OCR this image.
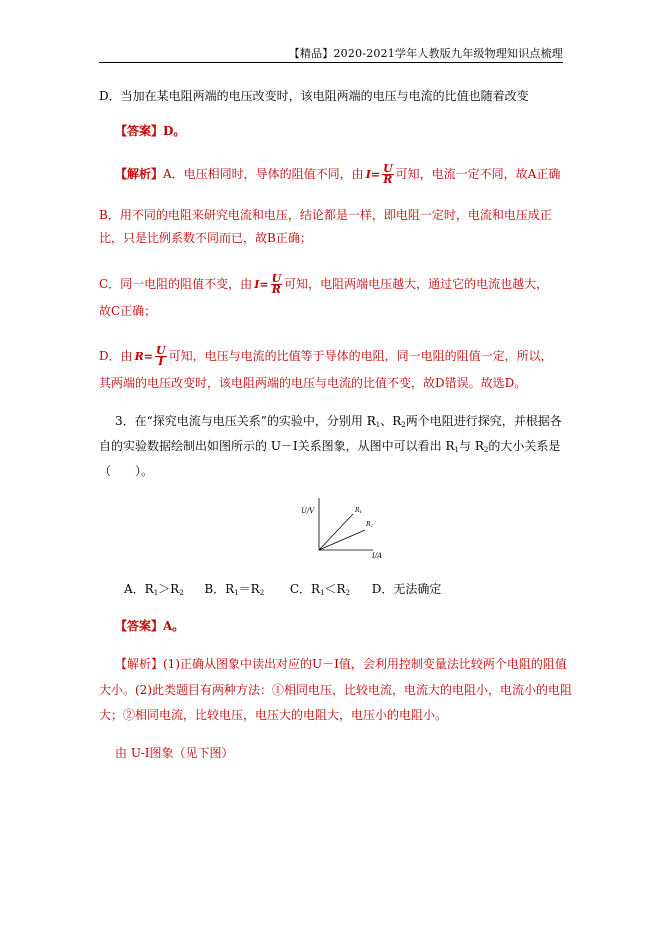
【精品】2020-2021学年人教版九年级物理知识点梳理
D．当加在某电阻两端的电压改变时，该电阻两端的电压与电流的比值也随着改变
【答案】D。
【解析】A．电压相同时，导体的阻值不同，由 $I = \frac{U}{R}$ 可知，电流一定不同，故A正确
B．用不同的电阻来研究电流和电压，结论都是一样，即电阻一定时，电流和电压成正
比，只是比例系数不同而已，故B正确；
C．同一电阻的阻值不变，由 $I = \frac{U}{R}$ 可知，电阻两端电压越大，通过它的电流也越大，
故C正确；
D．由 $R = \frac{U}{I}$ 可知，电压与电流的比值等于导体的电阻，同一电阻的阻值一定，所以，
其两端的电压改变时，该电阻两端的电压与电流的比值不变，故D错误。故选D。
3．在“探究电流与电压关系”的实验中，分别用 $R_1$、$R_2$两个电阻进行探究，并根据各
自的实验数据绘制出如图所示的 U－I关系图象，从图中可以看出 $R_1$与 $R_2$的大小关系是
（　　）。
U/V
I/A
R1
R2
A．$R_1>R_2$ B．$R_1=R_2$ C．$R_1<R_2$ D．无法确定
【答案】A。
【解析】(1)正确从图象中读出对应的U－I值，会利用控制变量法比较两个电阻的阻值
大小。(2)此类题目有两种方法：①相同电压，比较电流，电流大的电阻小，电流小的电阻
大；②相同电流，比较电压，电压大的电阻大，电压小的电阻小。
由 U-I图象（见下图）
